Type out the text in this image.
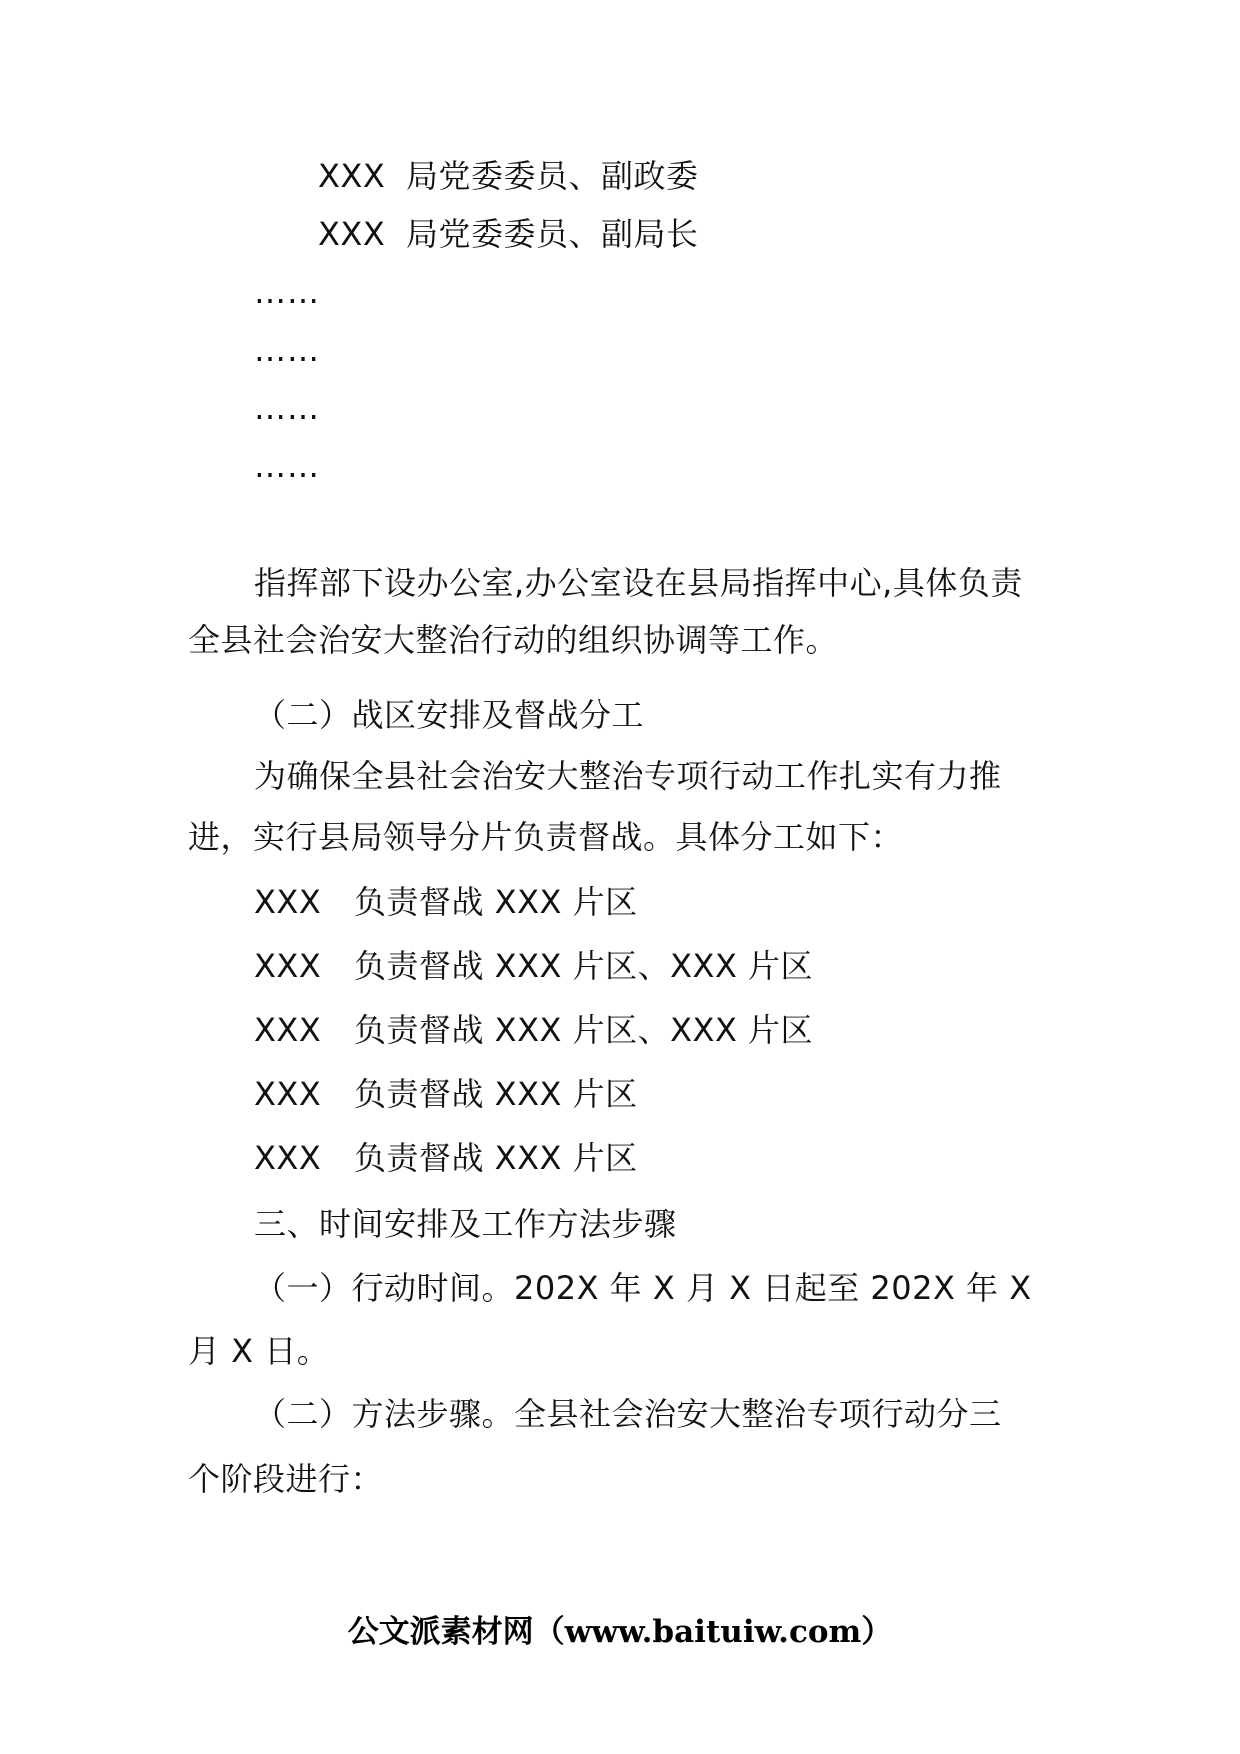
XXX 局党委委员、副政委
XXX 局党委委员、副局长
……
……
……
……
指挥部下设办公室,办公室设在县局指挥中心,具体负责
全县社会治安大整治行动的组织协调等工作。
（二）战区安排及督战分工
为确保全县社会治安大整治专项行动工作扎实有力推
进，实行县局领导分片负责督战。具体分工如下：
XXX 负责督战 XXX 片区
XXX 负责督战 XXX 片区、XXX 片区
XXX 负责督战 XXX 片区、XXX 片区
XXX 负责督战 XXX 片区
XXX 负责督战 XXX 片区
三、时间安排及工作方法步骤
（一）行动时间。202X 年 X 月 X 日起至 202X 年 X
月 X 日。
（二）方法步骤。全县社会治安大整治专项行动分三
个阶段进行：
公文派素材网（www.baituiw.com）
